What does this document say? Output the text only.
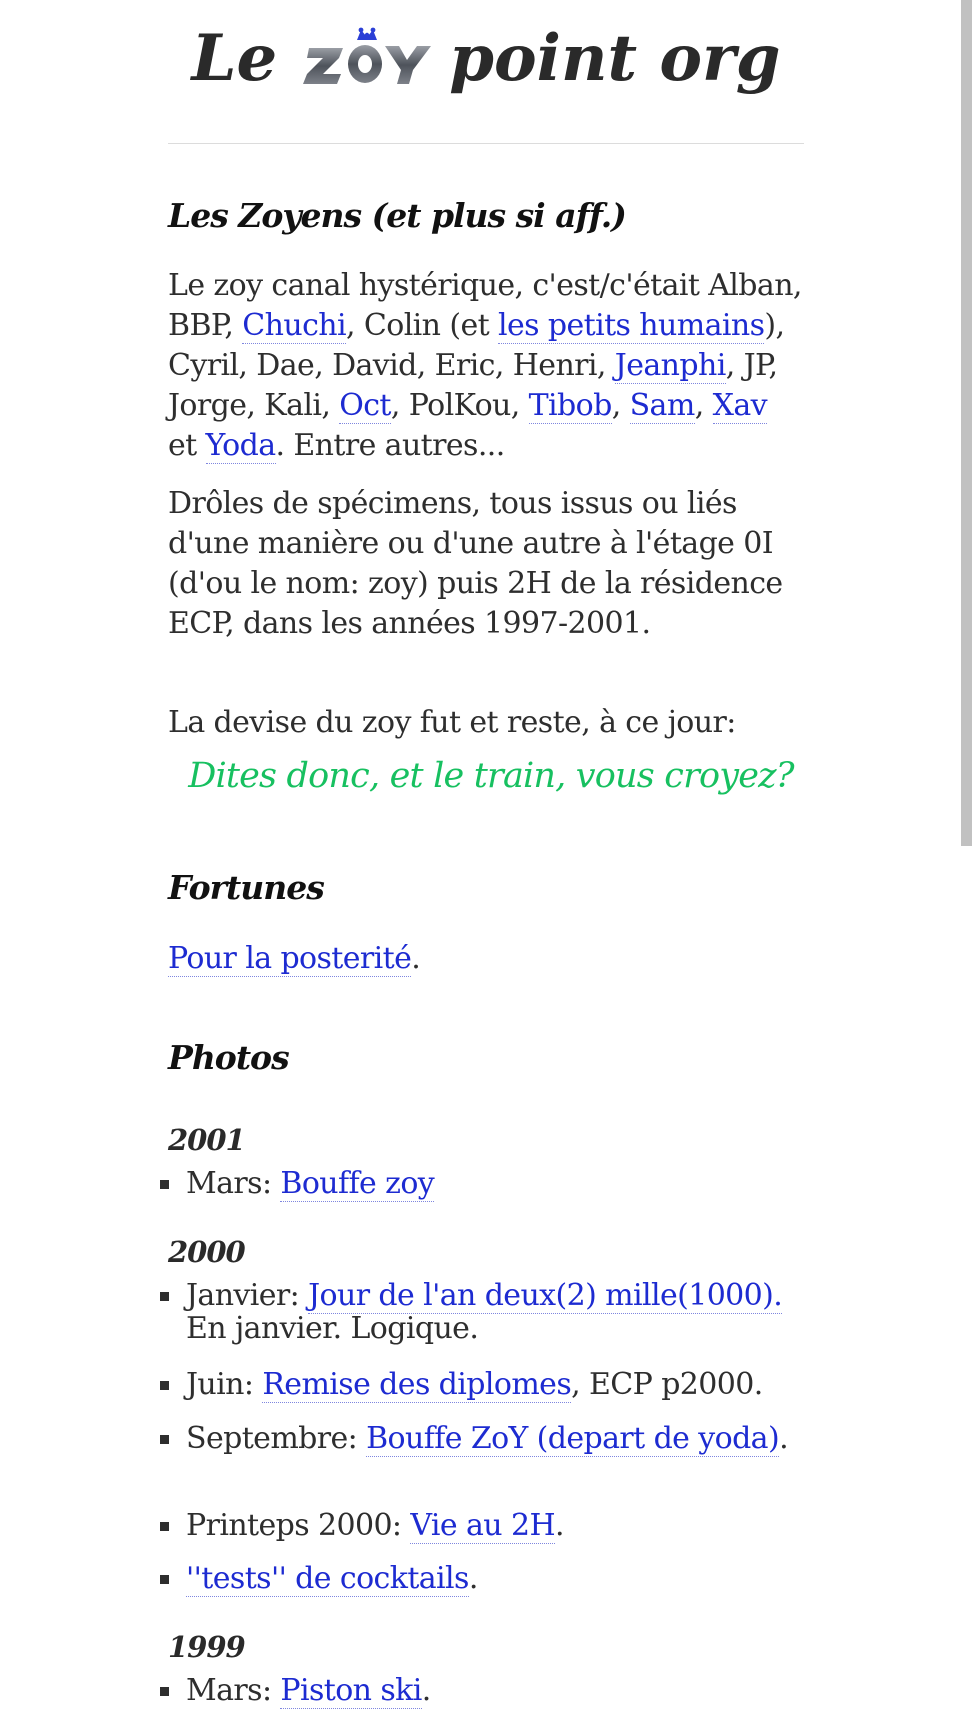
Le	point org
Les Zoyens (et plus si aff.)

Le zoy canal hystérique, c'est/c'était Alban, BBP, Chuchi, Colin (et les petits humains), Cyril, Dae, David, Eric, Henri, Jeanphi, JP, Jorge, Kali, Oct, PolKou, Tibob, Sam, Xav et Yoda. Entre autres...

Drôles de spécimens, tous issus ou liés d'une manière ou d'une autre à l'étage 0I (d'ou le nom: zoy) puis 2H de la résidence ECP, dans les années 1997-2001.

La devise du zoy fut et reste, à ce jour:

Dites donc, et le train, vous croyez?

Fortunes

Pour la posterité.

Photos
2001
Mars: Bouffe zoy
2000
Janvier: Jour de l'an deux(2) mille(1000). En janvier. Logique.
Juin: Remise des diplomes, ECP p2000.
Septembre: Bouffe ZoY (depart de yoda).
Printeps 2000: Vie au 2H.
''tests'' de cocktails.
1999
Mars: Piston ski.
